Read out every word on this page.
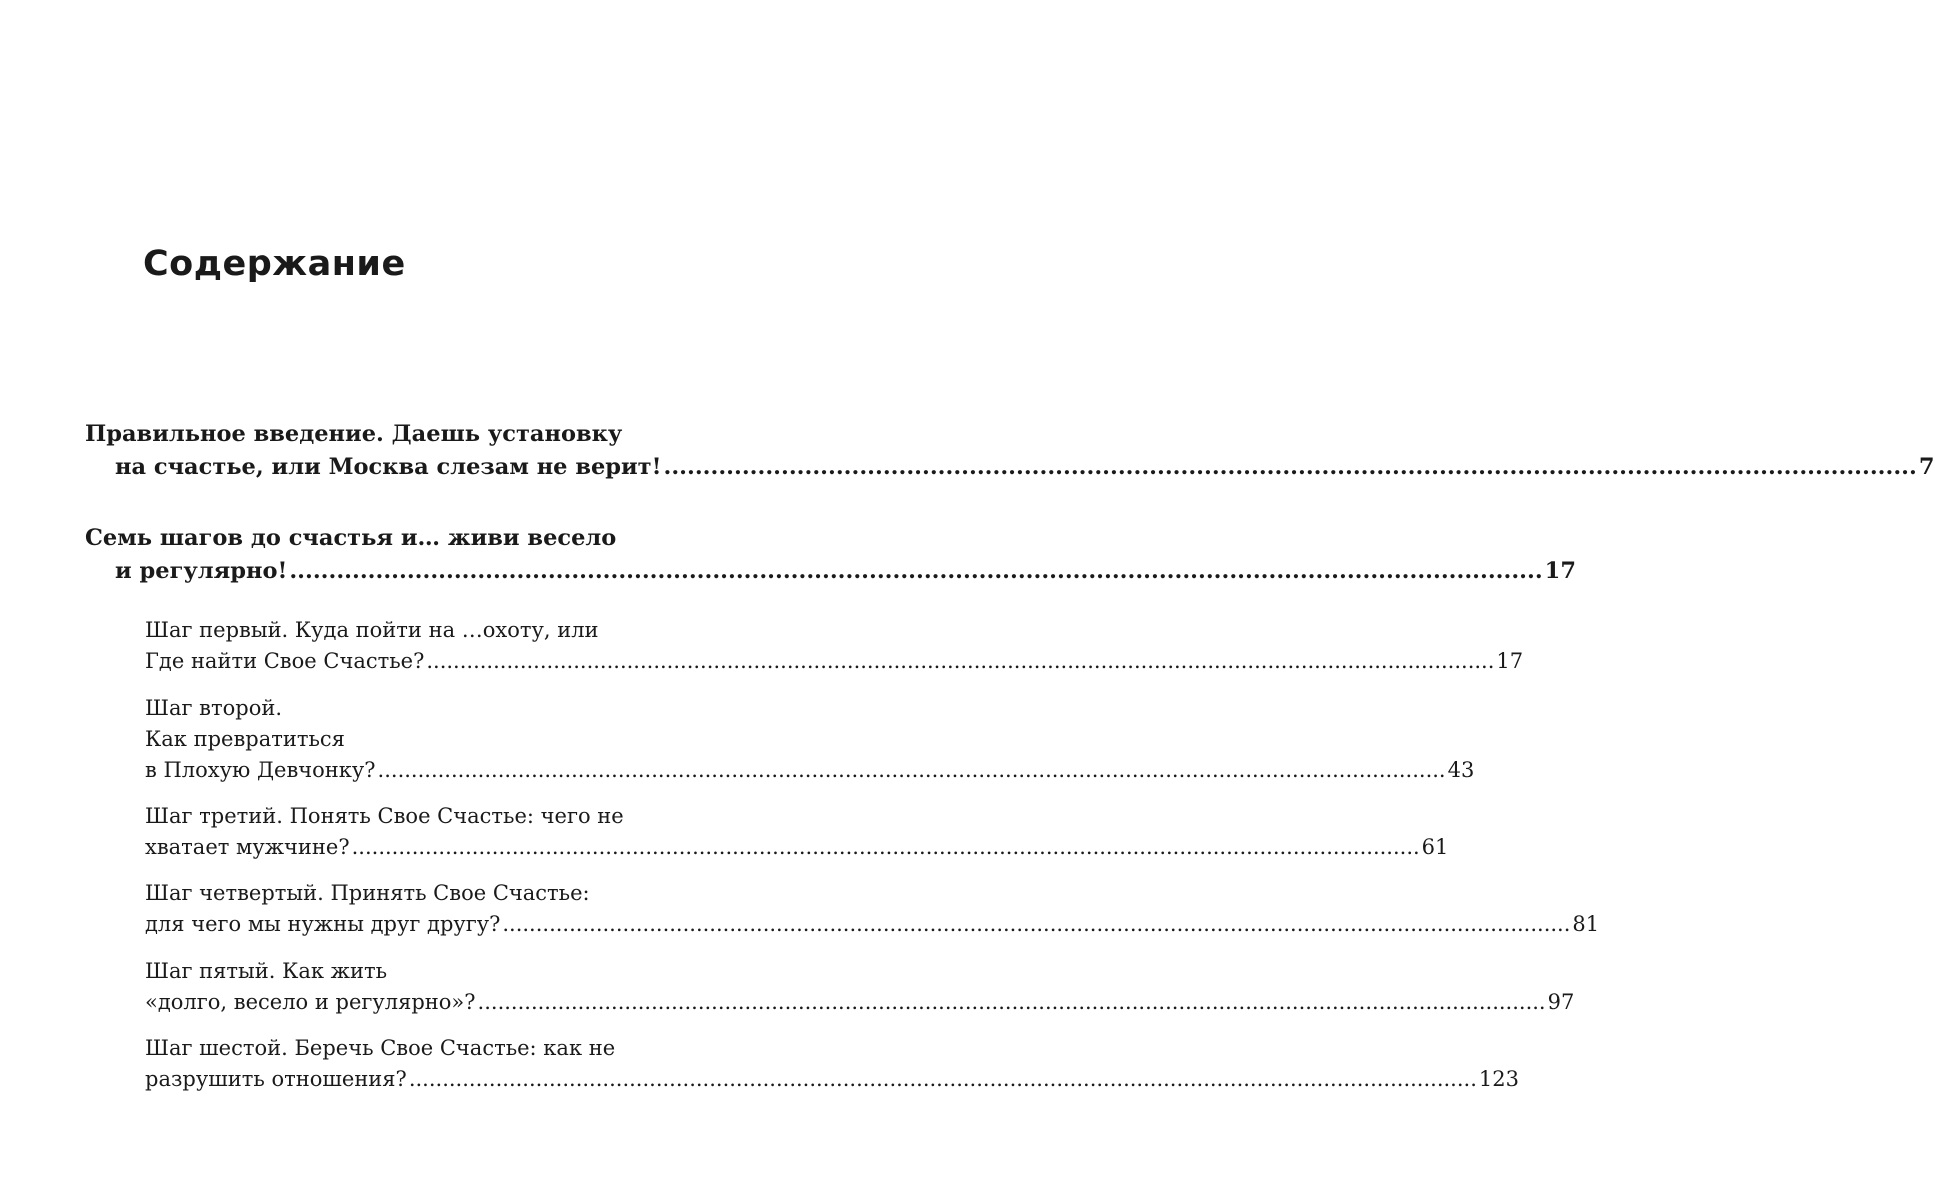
Содержание
Правильное введение. Даешь установку
на счастье, или Москва слезам не верит! ................................................................................................................................................................ 7
Семь шагов до счастья и… живи весело
и регулярно! ................................................................................................................................................................ 17
Шаг первый. Куда пойти на …охоту, или
Где найти Свое Счастье? ................................................................................................................................................................ 17
Шаг второй.
Как превратиться
в Плохую Девчонку? ................................................................................................................................................................ 43
Шаг третий. Понять Свое Счастье: чего не
хватает мужчине? ................................................................................................................................................................ 61
Шаг четвертый. Принять Свое Счастье:
для чего мы нужны друг другу? ................................................................................................................................................................ 81
Шаг пятый. Как жить
«долго, весело и регулярно»? ................................................................................................................................................................ 97
Шаг шестой. Беречь Свое Счастье: как не
разрушить отношения? ................................................................................................................................................................ 123
